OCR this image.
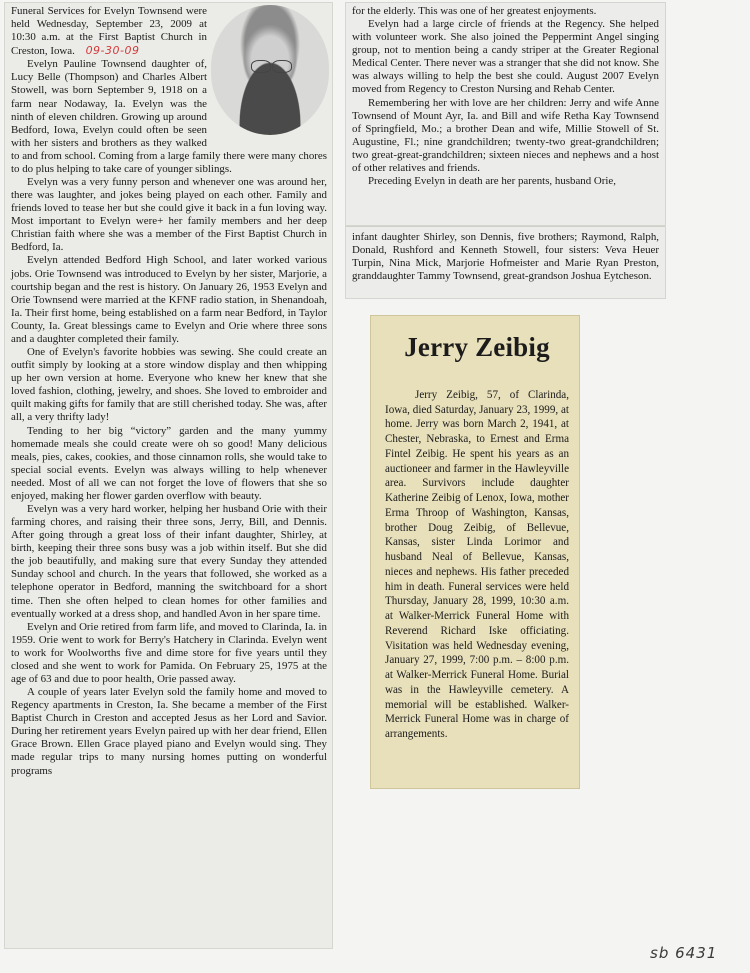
Funeral Services for Evelyn Townsend were held Wednesday, September 23, 2009 at 10:30 a.m. at the First Baptist Church in Creston, Iowa. 09-30-09

Evelyn Pauline Townsend daughter of, Lucy Belle (Thompson) and Charles Albert Stowell, was born September 9, 1918 on a farm near Nodaway, Ia. Evelyn was the ninth of eleven children. Growing up around Bedford, Iowa, Evelyn could often be seen with her sisters and brothers as they walked to and from school. Coming from a large family there were many chores to do plus helping to take care of younger siblings.

Evelyn was a very funny person and whenever one was around her, there was laughter, and jokes being played on each other. Family and friends loved to tease her but she could give it back in a fun loving way. Most important to Evelyn were+ her family members and her deep Christian faith where she was a member of the First Baptist Church in Bedford, Ia.

Evelyn attended Bedford High School, and later worked various jobs. Orie Townsend was introduced to Evelyn by her sister, Marjorie, a courtship began and the rest is history. On January 26, 1953 Evelyn and Orie Townsend were married at the KFNF radio station, in Shenandoah, Ia. Their first home, being established on a farm near Bedford, in Taylor County, Ia. Great blessings came to Evelyn and Orie where three sons and a daughter completed their family.

One of Evelyn's favorite hobbies was sewing. She could create an outfit simply by looking at a store window display and then whipping up her own version at home. Everyone who knew her knew that she loved fashion, clothing, jewelry, and shoes. She loved to embroider and quilt making gifts for family that are still cherished today. She was, after all, a very thrifty lady!

Tending to her big “victory” garden and the many yummy homemade meals she could create were oh so good! Many delicious meals, pies, cakes, cookies, and those cinnamon rolls, she would take to special social events. Evelyn was always willing to help whenever needed. Most of all we can not forget the love of flowers that she so enjoyed, making her flower garden overflow with beauty.

Evelyn was a very hard worker, helping her husband Orie with their farming chores, and raising their three sons, Jerry, Bill, and Dennis. After going through a great loss of their infant daughter, Shirley, at birth, keeping their three sons busy was a job within itself. But she did the job beautifully, and making sure that every Sunday they attended Sunday school and church. In the years that followed, she worked as a telephone operator in Bedford, manning the switchboard for a short time. Then she often helped to clean homes for other families and eventually worked at a dress shop, and handled Avon in her spare time.

Evelyn and Orie retired from farm life, and moved to Clarinda, Ia. in 1959. Orie went to work for Berry's Hatchery in Clarinda. Evelyn went to work for Woolworths five and dime store for five years until they closed and she went to work for Pamida. On February 25, 1975 at the age of 63 and due to poor health, Orie passed away.

A couple of years later Evelyn sold the family home and moved to Regency apartments in Creston, Ia. She became a member of the First Baptist Church in Creston and accepted Jesus as her Lord and Savior. During her retirement years Evelyn paired up with her dear friend, Ellen Grace Brown. Ellen Grace played piano and Evelyn would sing. They made regular trips to many nursing homes putting on wonderful programs

for the elderly. This was one of her greatest enjoyments.

Evelyn had a large circle of friends at the Regency. She helped with volunteer work. She also joined the Peppermint Angel singing group, not to mention being a candy striper at the Greater Regional Medical Center. There never was a stranger that she did not know. She was always willing to help the best she could. August 2007 Evelyn moved from Regency to Creston Nursing and Rehab Center.

Remembering her with love are her children: Jerry and wife Anne Townsend of Mount Ayr, Ia. and Bill and wife Retha Kay Townsend of Springfield, Mo.; a brother Dean and wife, Millie Stowell of St. Augustine, Fl.; nine grandchildren; twenty-two great-grandchildren; two great-great-grandchildren; sixteen nieces and nephews and a host of other relatives and friends.

Preceding Evelyn in death are her parents, husband Orie,

infant daughter Shirley, son Dennis, five brothers; Raymond, Ralph, Donald, Rushford and Kenneth Stowell, four sisters: Veva Heuer Turpin, Nina Mick, Marjorie Hofmeister and Marie Ryan Preston, granddaughter Tammy Townsend, great-grandson Joshua Eytcheson.

Jerry Zeibig

Jerry Zeibig, 57, of Clarinda, Iowa, died Saturday, January 23, 1999, at home. Jerry was born March 2, 1941, at Chester, Nebraska, to Ernest and Erma Fintel Zeibig. He spent his years as an auctioneer and farmer in the Hawleyville area. Survivors include daughter Katherine Zeibig of Lenox, Iowa, mother Erma Throop of Washington, Kansas, brother Doug Zeibig, of Bellevue, Kansas, sister Linda Lorimor and husband Neal of Bellevue, Kansas, nieces and nephews. His father preceded him in death. Funeral services were held Thursday, January 28, 1999, 10:30 a.m. at Walker-Merrick Funeral Home with Reverend Richard Iske officiating. Visitation was held Wednesday evening, January 27, 1999, 7:00 p.m. – 8:00 p.m. at Walker-Merrick Funeral Home. Burial was in the Hawleyville cemetery. A memorial will be established. Walker-Merrick Funeral Home was in charge of arrangements.

sb 6431
